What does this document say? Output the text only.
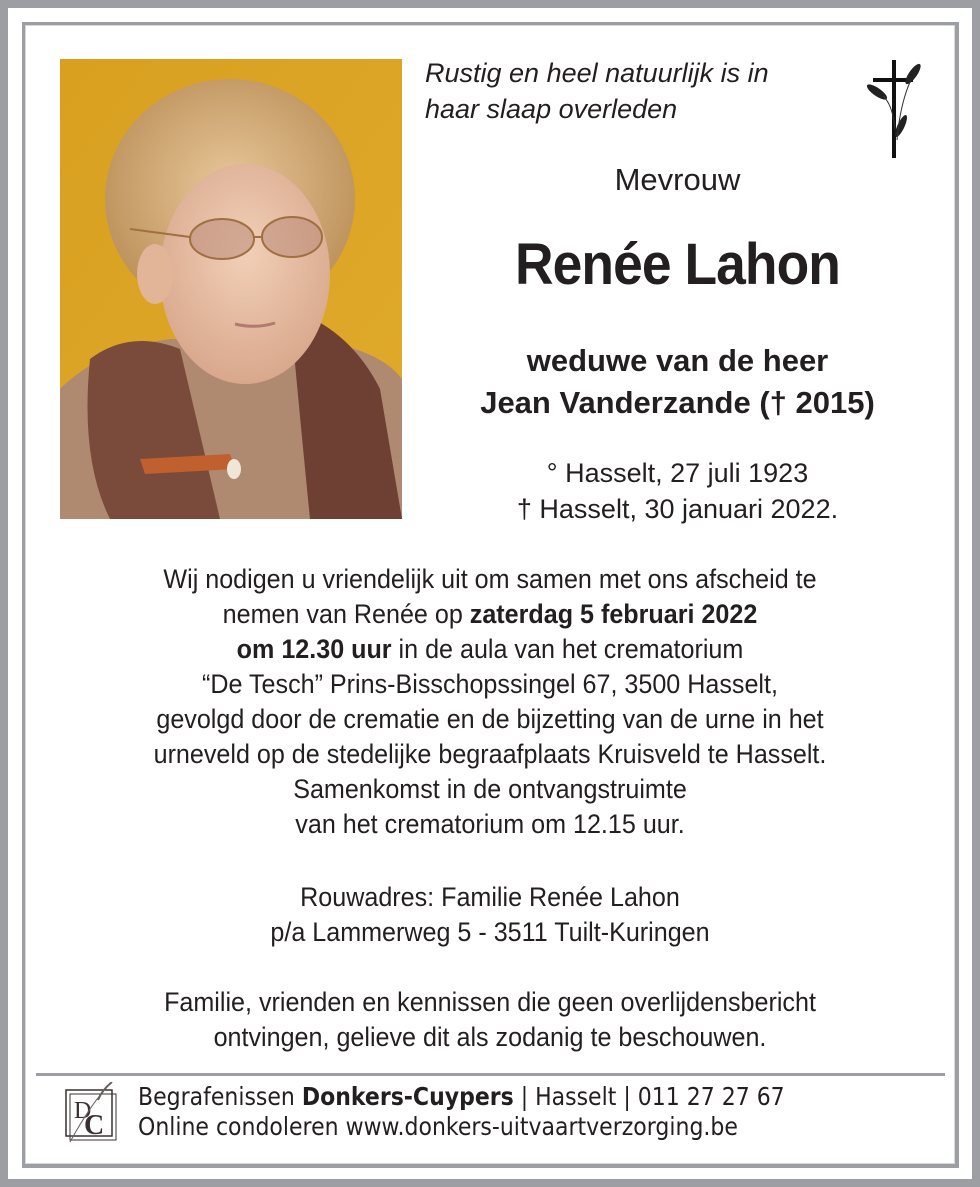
Rustig en heel natuurlijk is in
haar slaap overleden
Mevrouw
Renée Lahon
weduwe van de heer
Jean Vanderzande († 2015)
° Hasselt, 27 juli 1923
† Hasselt, 30 januari 2022.
Wij nodigen u vriendelijk uit om samen met ons afscheid te
nemen van Renée op zaterdag 5 februari 2022
om 12.30 uur in de aula van het crematorium
“De Tesch” Prins-Bisschopssingel 67, 3500 Hasselt,
gevolgd door de crematie en de bijzetting van de urne in het
urneveld op de stedelijke begraafplaats Kruisveld te Hasselt.
Samenkomst in de ontvangstruimte
van het crematorium om 12.15 uur.
Rouwadres: Familie Renée Lahon
p/a Lammerweg 5 - 3511 Tuilt-Kuringen
Familie, vrienden en kennissen die geen overlijdensbericht
ontvingen, gelieve dit als zodanig te beschouwen.
D
C
Begrafenissen Donkers-Cuypers | Hasselt | 011 27 27 67
Online condoleren www.donkers-uitvaartverzorging.be
